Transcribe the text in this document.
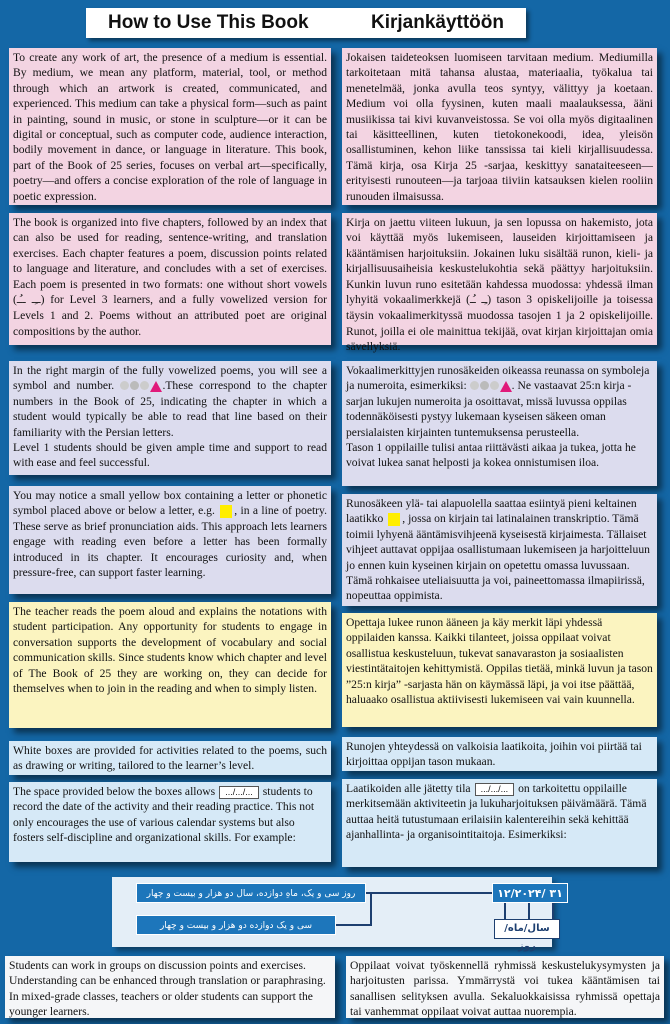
How to Use This Book	Kirjankäyttöön

To create any work of art, the presence of a medium is essential. By medium, we mean any platform, material, tool, or method through which an artwork is created, communicated, and experienced. This medium can take a physical form—such as paint in painting, sound in music, or stone in sculpture—or it can be digital or conceptual, such as computer code, audience interaction, bodily movement in dance, or language in literature. This book, part of the Book of 25 series, focuses on verbal art—specifically, poetry—and offers a concise exploration of the role of language in poetic expression.

Jokaisen taideteoksen luomiseen tarvitaan medium. Mediumilla tarkoitetaan mitä tahansa alustaa, materiaalia, työkalua tai menetelmää, jonka avulla teos syntyy, välittyy ja koetaan. Medium voi olla fyysinen, kuten maali maalauksessa, ääni musiikissa tai kivi kuvanveistossa. Se voi olla myös digitaalinen tai käsitteellinen, kuten tietokonekoodi, idea, yleisön osallistuminen, kehon liike tanssissa tai kieli kirjallisuudessa. Tämä kirja, osa Kirja 25 -sarjaa, keskittyy sanataiteeseen—erityisesti runouteen—ja tarjoaa tiiviin katsauksen kielen rooliin runouden ilmaisussa.

The book is organized into five chapters, followed by an index that can also be used for reading, sentence-writing, and translation exercises. Each chapter features a poem, discussion points related to language and literature, and concludes with a set of exercises. Each poem is presented in two formats: one without short vowels (ــِـ ــُـ) for Level 3 learners, and a fully vowelized version for Levels 1 and 2. Poems without an attributed poet are original compositions by the author.

Kirja on jaettu viiteen lukuun, ja sen lopussa on hakemisto, jota voi käyttää myös lukemiseen, lauseiden kirjoittamiseen ja kääntämisen harjoituksiin. Jokainen luku sisältää runon, kieli- ja kirjallisuusaiheisia keskustelukohtia sekä päättyy harjoituksiin. Kunkin luvun runo esitetään kahdessa muodossa: yhdessä ilman lyhyitä vokaalimerkkejä (ـِـ ـُـ) tason 3 opiskelijoille ja toisessa täysin vokaalimerkityssä muodossa tasojen 1 ja 2 opiskelijoille. Runot, joilla ei ole mainittua tekijää, ovat kirjan kirjoittajan omia sävellyksiä.

In the right margin of the fully vowelized poems, you will see a symbol and number.	.These correspond to the chapter numbers in the Book of 25, indicating the chapter in which a student would typically be able to read that line based on their familiarity with the Persian letters.
Level 1 students should be given ample time and support to read with ease and feel successful.

Vokaalimerkittyjen runosäkeiden oikeassa reunassa on symboleja ja numeroita, esimerkiksi:	. Ne vastaavat 25:n kirja -sarjan lukujen numeroita ja osoittavat, missä luvussa oppilas todennäköisesti pystyy lukemaan kyseisen säkeen oman persialaisten kirjainten tuntemuksensa perusteella.
Tason 1 oppilaille tulisi antaa riittävästi aikaa ja tukea, jotta he voivat lukea sanat helposti ja kokea onnistumisen iloa.

You may notice a small yellow box containing a letter or phonetic symbol placed above or below a letter, e.g. , in a line of poetry. These serve as brief pronunciation aids. This approach lets learners engage with reading even before a letter has been formally introduced in its chapter. It encourages curiosity and, when pressure-free, can support faster learning.

Runosäkeen ylä- tai alapuolella saattaa esiintyä pieni keltainen laatikko , jossa on kirjain tai latinalainen transkriptio. Tämä toimii lyhyenä ääntämisvihjeenä kyseisestä kirjaimesta. Tällaiset vihjeet auttavat oppijaa osallistumaan lukemiseen ja harjoitteluun jo ennen kuin kyseinen kirjain on opetettu omassa luvussaan. Tämä rohkaisee uteliaisuutta ja voi, paineettomassa ilmapiirissä, nopeuttaa oppimista.

The teacher reads the poem aloud and explains the notations with student participation. Any opportunity for students to engage in conversation supports the development of vocabulary and social communication skills. Since students know which chapter and level of The Book of 25 they are working on, they can decide for themselves when to join in the reading and when to simply listen.

Opettaja lukee runon ääneen ja käy merkit läpi yhdessä oppilaiden kanssa. Kaikki tilanteet, joissa oppilaat voivat osallistua keskusteluun, tukevat sanavaraston ja sosiaalisten viestintätaitojen kehittymistä. Oppilas tietää, minkä luvun ja tason ”25:n kirja” -sarjasta hän on käymässä läpi, ja voi itse päättää, haluaako osallistua aktiivisesti lukemiseen vai vain kuunnella.

White boxes are provided for activities related to the poems, such as drawing or writing, tailored to the learner’s level.

Runojen yhteydessä on valkoisia laatikoita, joihin voi piirtää tai kirjoittaa oppijan tason mukaan.

The space provided below the boxes allows .../.../... students to record the date of the activity and their reading practice. This not only encourages the use of various calendar systems but also fosters self-discipline and organizational skills. For example:

Laatikoiden alle jätetty tila .../.../... on tarkoitettu oppilaille merkitsemään aktiviteetin ja lukuharjoituksen päivämäärä. Tämä auttaa heitä tutustumaan erilaisiin kalentereihin sekä kehittää ajanhallinta- ja organisointitaitoja. Esimerkiksi:

روز سی و یک، ماهِ دوازده، سال دو هزار و بیست و چهار
سی و یک دوازده دو هزار و بیست و چهار
۳۱ /۱۲/۲۰۲۴
سال/ماه/ روز

Students can work in groups on discussion points and exercises. Understanding can be enhanced through translation or paraphrasing. In mixed-grade classes, teachers or older students can support the younger learners.

Oppilaat voivat työskennellä ryhmissä keskustelukysymysten ja harjoitusten parissa. Ymmärrystä voi tukea kääntämisen tai sanallisen selityksen avulla. Sekaluokkaisissa ryhmissä opettaja tai vanhemmat oppilaat voivat auttaa nuorempia.
